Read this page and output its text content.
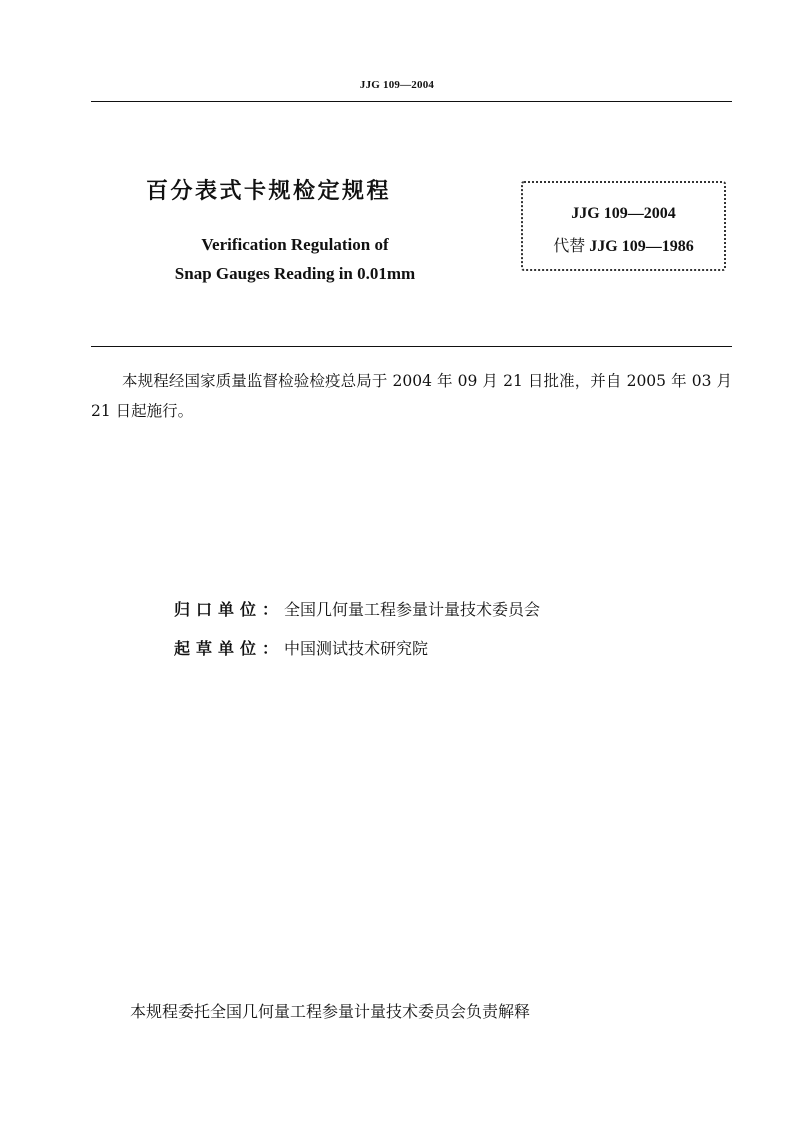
JJG 109—2004
百分表式卡规检定规程
Verification Regulation of
Snap Gauges Reading in 0.01mm
JJG 109—2004
代替 JJG 109—1986
本规程经国家质量监督检验检疫总局于 2004 年 09 月 21 日批准，并自 2005 年 03 月 21 日起施行。
归口单位：全国几何量工程参量计量技术委员会
起草单位：中国测试技术研究院
本规程委托全国几何量工程参量计量技术委员会负责解释
